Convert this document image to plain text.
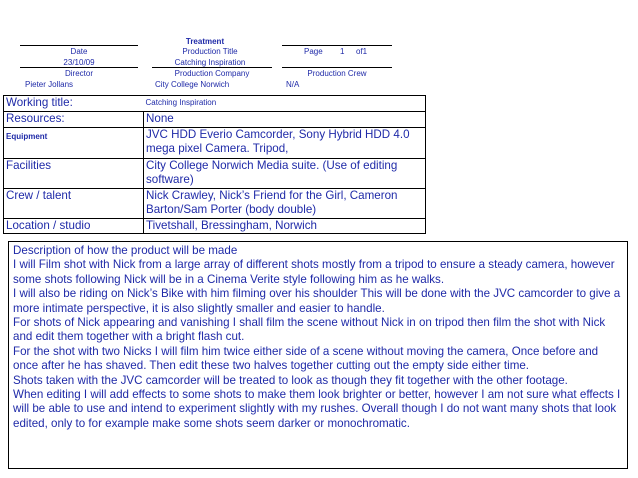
Treatment
Date
23/10/09
Production Title
Catching Inspiration
Page 1 of1
Director
Pieter Jollans
Production Company
City College Norwich
Production Crew
N/A
Working title:	Catching Inspiration
Resources:	None
Equipment	JVC HDD Everio Camcorder, Sony Hybrid HDD 4.0 mega pixel Camera. Tripod,
Facilities	City College Norwich Media suite. (Use of editing software)
Crew / talent	Nick Crawley, Nick’s Friend for the Girl, Cameron Barton/Sam Porter (body double)
Location / studio	Tivetshall, Bressingham, Norwich

Description of how the product will be made

I will Film shot with Nick from a large array of different shots mostly from a tripod to ensure a steady camera, however some shots following Nick will be in a Cinema Verite style following him as he walks.

I will also be riding on Nick’s Bike with him filming over his shoulder This will be done with the JVC camcorder to give a more intimate perspective, it is also slightly smaller and easier to handle.

For shots of Nick appearing and vanishing I shall film the scene without Nick in on tripod then film the shot with Nick and edit them together with a bright flash cut.

For the shot with two Nicks I will film him twice either side of a scene without moving the camera, Once before and once after he has shaved. Then edit these two halves together cutting out the empty side either time.

Shots taken with the JVC camcorder will be treated to look as though they fit together with the other footage.

When editing I will add effects to some shots to make them look brighter or better, however I am not sure what effects I will be able to use and intend to experiment slightly with my rushes. Overall though I do not want many shots that look edited, only to for example make some shots seem darker or monochromatic.
